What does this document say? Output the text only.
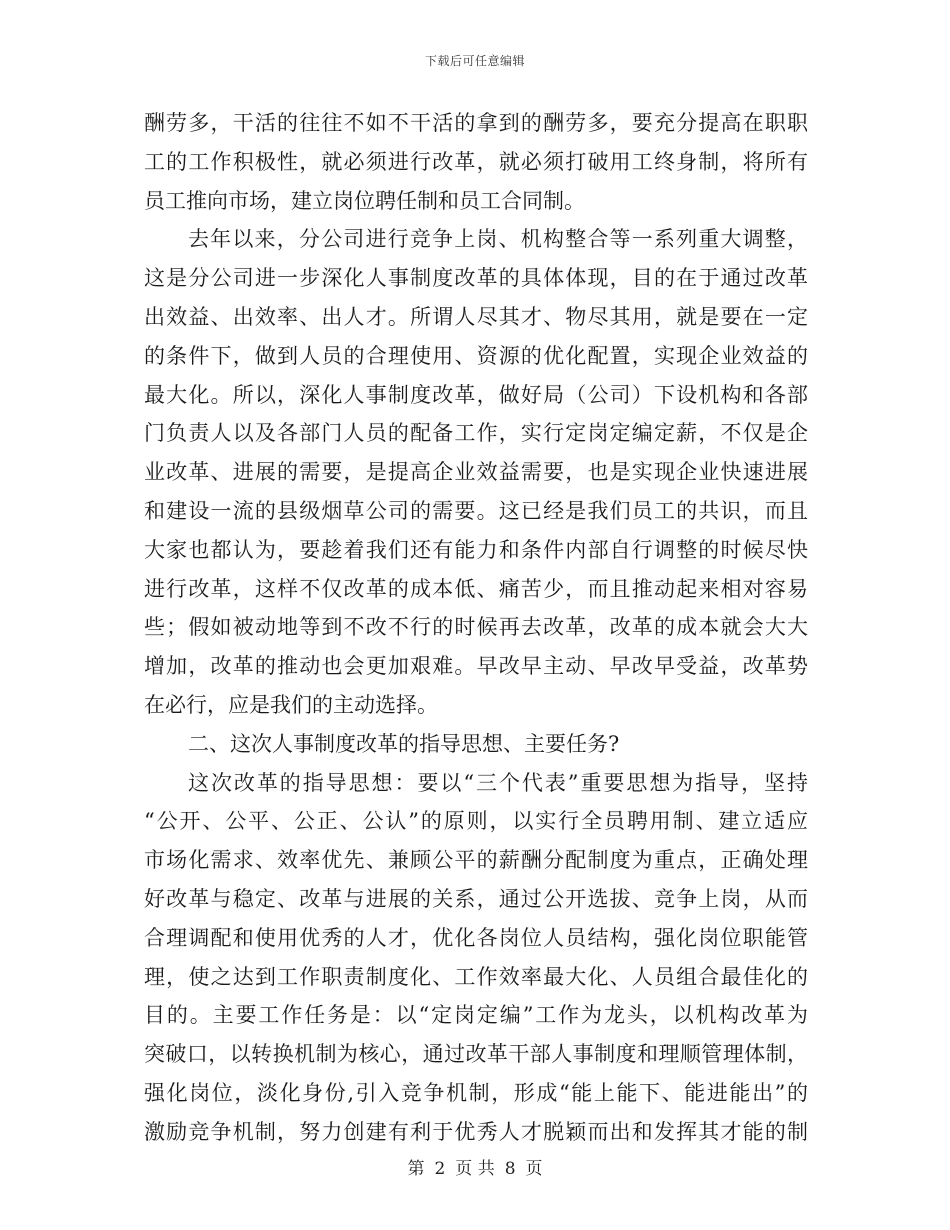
下载后可任意编辑
酬劳多，干活的往往不如不干活的拿到的酬劳多，要充分提高在职职
工的工作积极性，就必须进行改革，就必须打破用工终身制，将所有
员工推向市场，建立岗位聘任制和员工合同制。
去年以来，分公司进行竞争上岗、机构整合等一系列重大调整，
这是分公司进一步深化人事制度改革的具体体现，目的在于通过改革
出效益、出效率、出人才。所谓人尽其才、物尽其用，就是要在一定
的条件下，做到人员的合理使用、资源的优化配置，实现企业效益的
最大化。所以，深化人事制度改革，做好局（公司）下设机构和各部
门负责人以及各部门人员的配备工作，实行定岗定编定薪，不仅是企
业改革、进展的需要，是提高企业效益需要，也是实现企业快速进展
和建设一流的县级烟草公司的需要。这已经是我们员工的共识，而且
大家也都认为，要趁着我们还有能力和条件内部自行调整的时候尽快
进行改革，这样不仅改革的成本低、痛苦少，而且推动起来相对容易
些；假如被动地等到不改不行的时候再去改革，改革的成本就会大大
增加，改革的推动也会更加艰难。早改早主动、早改早受益，改革势
在必行，应是我们的主动选择。
二、这次人事制度改革的指导思想、主要任务?
这次改革的指导思想：要以“三个代表”重要思想为指导，坚持
“公开、公平、公正、公认”的原则，以实行全员聘用制、建立适应
市场化需求、效率优先、兼顾公平的薪酬分配制度为重点，正确处理
好改革与稳定、改革与进展的关系，通过公开选拔、竞争上岗，从而
合理调配和使用优秀的人才，优化各岗位人员结构，强化岗位职能管
理，使之达到工作职责制度化、工作效率最大化、人员组合最佳化的
目的。主要工作任务是：以“定岗定编”工作为龙头，以机构改革为
突破口，以转换机制为核心，通过改革干部人事制度和理顺管理体制，
强化岗位，淡化身份,引入竞争机制，形成“能上能下、能进能出”的
激励竞争机制，努力创建有利于优秀人才脱颖而出和发挥其才能的制
第 2 页 共 8 页
